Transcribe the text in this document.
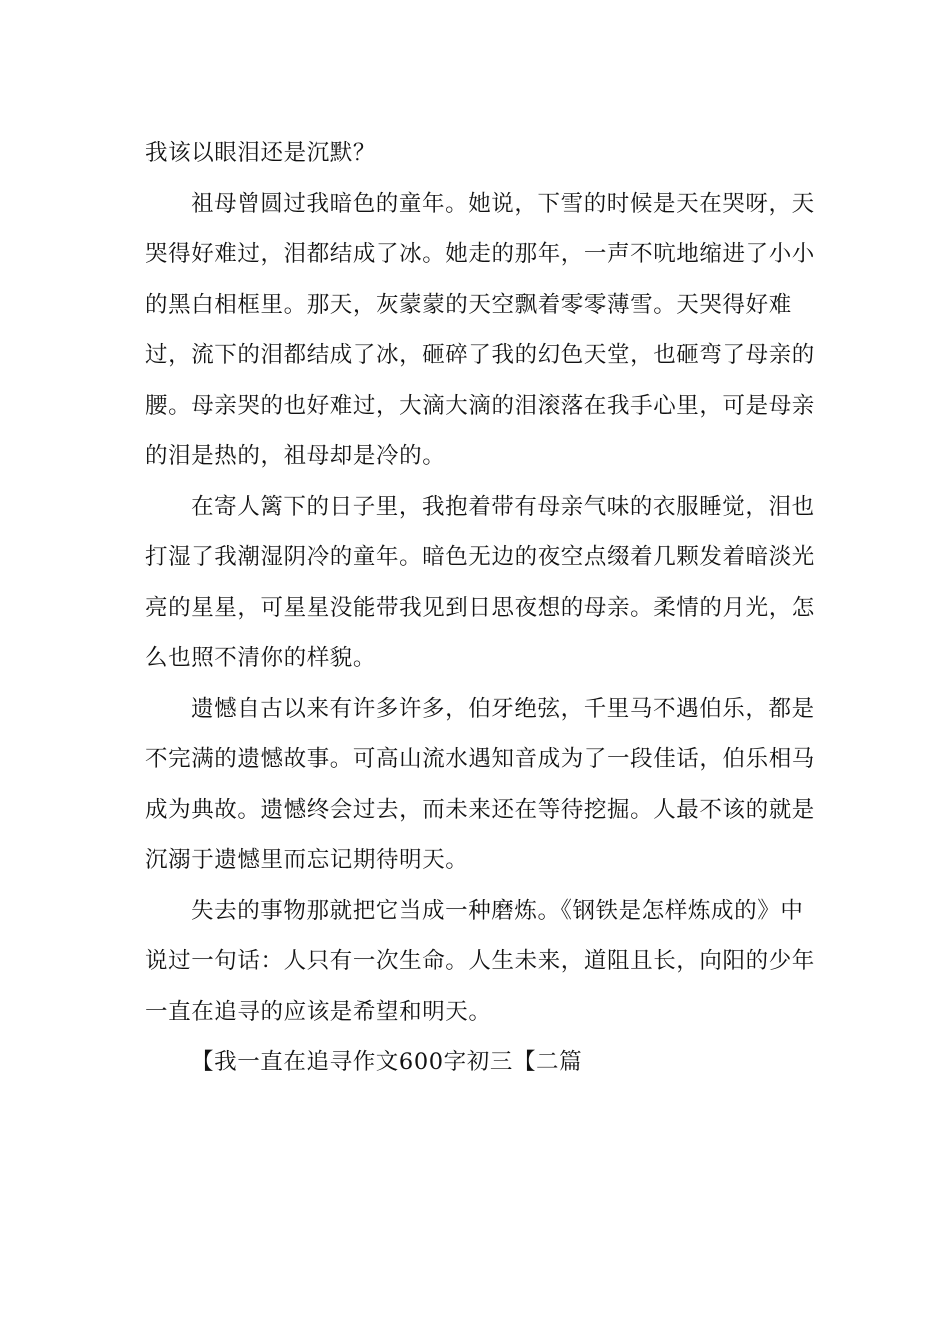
我该以眼泪还是沉默？

祖母曾圆过我暗色的童年。她说，下雪的时候是天在哭呀，天哭得好难过，泪都结成了冰。她走的那年，一声不吭地缩进了小小的黑白相框里。那天，灰蒙蒙的天空飘着零零薄雪。天哭得好难过，流下的泪都结成了冰，砸碎了我的幻色天堂，也砸弯了母亲的腰。母亲哭的也好难过，大滴大滴的泪滚落在我手心里，可是母亲的泪是热的，祖母却是冷的。

在寄人篱下的日子里，我抱着带有母亲气味的衣服睡觉，泪也打湿了我潮湿阴冷的童年。暗色无边的夜空点缀着几颗发着暗淡光亮的星星，可星星没能带我见到日思夜想的母亲。柔情的月光，怎么也照不清你的样貌。

遗憾自古以来有许多许多，伯牙绝弦，千里马不遇伯乐，都是不完满的遗憾故事。可高山流水遇知音成为了一段佳话，伯乐相马成为典故。遗憾终会过去，而未来还在等待挖掘。人最不该的就是沉溺于遗憾里而忘记期待明天。

失去的事物那就把它当成一种磨炼。《钢铁是怎样炼成的》中说过一句话：人只有一次生命。人生未来，道阻且长，向阳的少年一直在追寻的应该是希望和明天。

【我一直在追寻作文600字初三【二篇
